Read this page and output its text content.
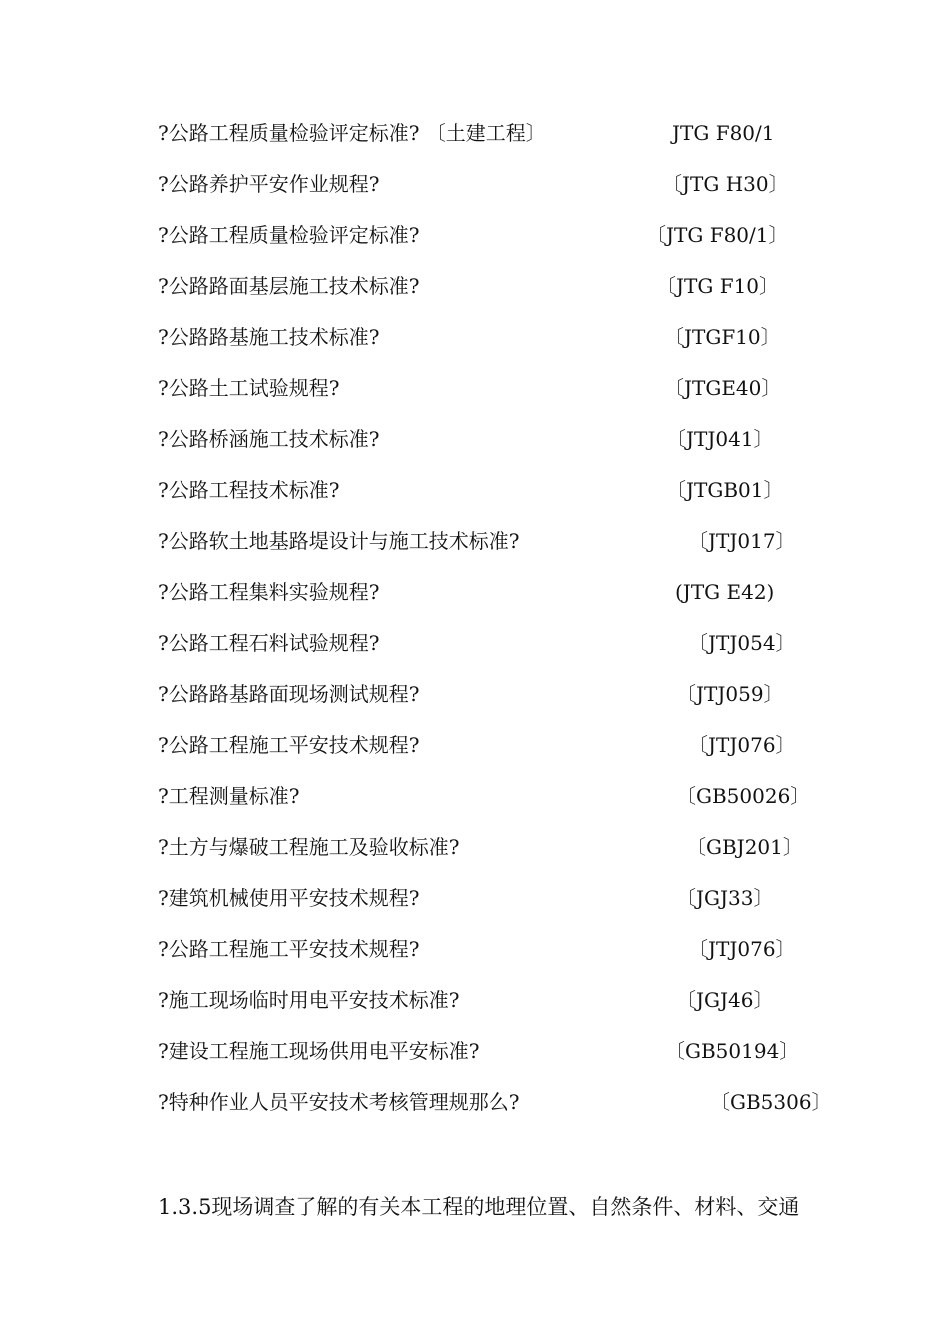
?公路工程质量检验评定标准? 〔土建工程〕	JTG F80/1
?公路养护平安作业规程?	〔JTG H30〕
?公路工程质量检验评定标准?	〔JTG F80/1〕
?公路路面基层施工技术标准?	〔JTG F10〕
?公路路基施工技术标准?	〔JTGF10〕
?公路土工试验规程?	〔JTGE40〕
?公路桥涵施工技术标准?	〔JTJ041〕
?公路工程技术标准?	〔JTGB01〕
?公路软土地基路堤设计与施工技术标准?	〔JTJ017〕
?公路工程集料实验规程?	(JTG E42)
?公路工程石料试验规程?	〔JTJ054〕
?公路路基路面现场测试规程?	〔JTJ059〕
?公路工程施工平安技术规程?	〔JTJ076〕
?工程测量标准?	〔GB50026〕
?土方与爆破工程施工及验收标准?	〔GBJ201〕
?建筑机械使用平安技术规程?	〔JGJ33〕
?公路工程施工平安技术规程?	〔JTJ076〕
?施工现场临时用电平安技术标准?	〔JGJ46〕
?建设工程施工现场供用电平安标准?	〔GB50194〕
?特种作业人员平安技术考核管理规那么?	〔GB5306〕
1.3.5现场调查了解的有关本工程的地理位置、自然条件、材料、交通
